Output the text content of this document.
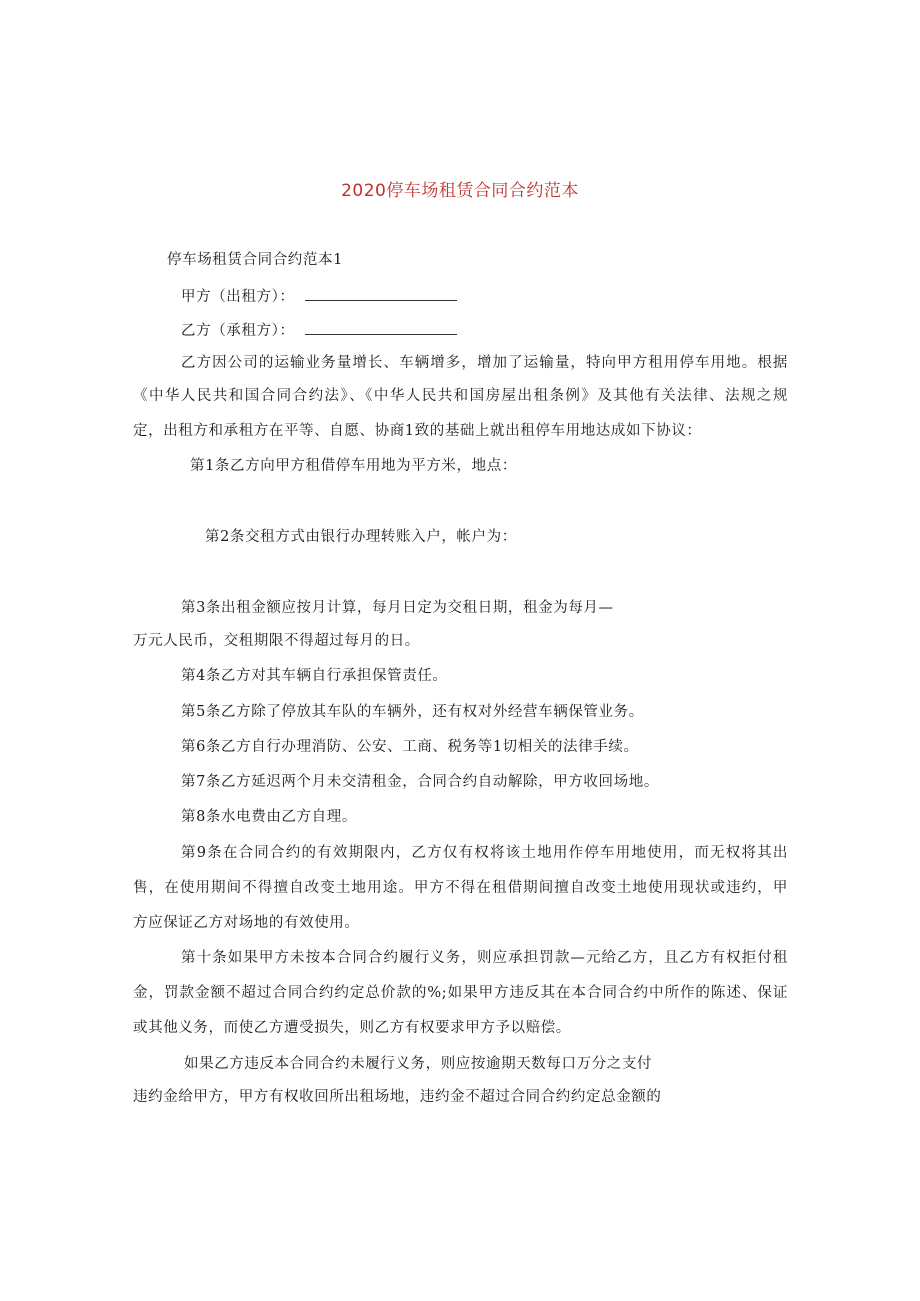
2020停车场租赁合同合约范本
停车场租赁合同合约范本1
甲方（出租方）：
乙方（承租方）：
乙方因公司的运输业务量增长、车辆增多，增加了运输量，特向甲方租用停车用地。根据
《中华人民共和国合同合约法》、《中华人民共和国房屋出租条例》及其他有关法律、法规之规
定，出租方和承租方在平等、自愿、协商1致的基础上就出租停车用地达成如下协议：
第1条乙方向甲方租借停车用地为平方米，地点：
第2条交租方式由银行办理转账入户，帐户为：
第3条出租金额应按月计算，每月日定为交租日期，租金为每月—
万元人民币，交租期限不得超过每月的日。
第4条乙方对其车辆自行承担保管责任。
第5条乙方除了停放其车队的车辆外，还有权对外经营车辆保管业务。
第6条乙方自行办理消防、公安、工商、税务等1切相关的法律手续。
第7条乙方延迟两个月未交清租金，合同合约自动解除，甲方收回场地。
第8条水电费由乙方自理。
第9条在合同合约的有效期限内，乙方仅有权将该土地用作停车用地使用，而无权将其出
售，在使用期间不得擅自改变土地用途。甲方不得在租借期间擅自改变土地使用现状或违约，甲
方应保证乙方对场地的有效使用。
第十条如果甲方未按本合同合约履行义务，则应承担罚款—元给乙方，且乙方有权拒付租
金，罚款金额不超过合同合约约定总价款的%;如果甲方违反其在本合同合约中所作的陈述、保证
或其他义务，而使乙方遭受损失，则乙方有权要求甲方予以赔偿。
如果乙方违反本合同合约未履行义务，则应按逾期天数每口万分之支付
违约金给甲方，甲方有权收回所出租场地，违约金不超过合同合约约定总金额的
